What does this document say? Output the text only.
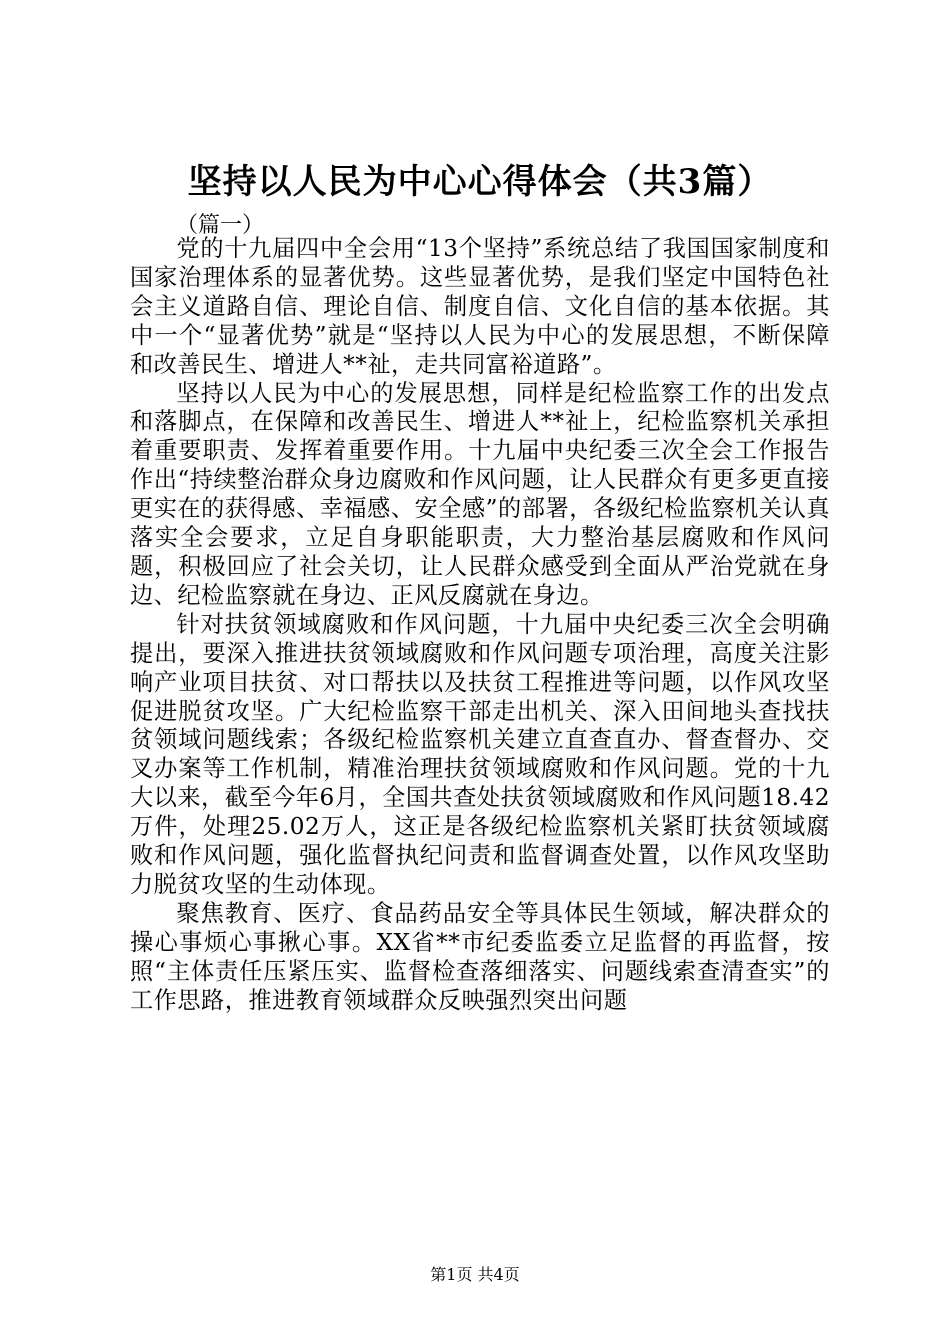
坚持以人民为中心心得体会（共3篇）
（篇一）

党的十九届四中全会用“13个坚持”系统总结了我国国家制度和国家治理体系的显著优势。这些显著优势，是我们坚定中国特色社会主义道路自信、理论自信、制度自信、文化自信的基本依据。其中一个“显著优势”就是“坚持以人民为中心的发展思想，不断保障和改善民生、增进人**祉，走共同富裕道路”。

坚持以人民为中心的发展思想，同样是纪检监察工作的出发点和落脚点，在保障和改善民生、增进人**祉上，纪检监察机关承担着重要职责、发挥着重要作用。十九届中央纪委三次全会工作报告作出“持续整治群众身边腐败和作风问题，让人民群众有更多更直接更实在的获得感、幸福感、安全感”的部署，各级纪检监察机关认真落实全会要求，立足自身职能职责，大力整治基层腐败和作风问题，积极回应了社会关切，让人民群众感受到全面从严治党就在身边、纪检监察就在身边、正风反腐就在身边。

针对扶贫领域腐败和作风问题，十九届中央纪委三次全会明确提出，要深入推进扶贫领域腐败和作风问题专项治理，高度关注影响产业项目扶贫、对口帮扶以及扶贫工程推进等问题，以作风攻坚促进脱贫攻坚。广大纪检监察干部走出机关、深入田间地头查找扶贫领域问题线索；各级纪检监察机关建立直查直办、督查督办、交叉办案等工作机制，精准治理扶贫领域腐败和作风问题。党的十九大以来，截至今年6月，全国共查处扶贫领域腐败和作风问题18.42万件，处理25.02万人，这正是各级纪检监察机关紧盯扶贫领域腐败和作风问题，强化监督执纪问责和监督调查处置，以作风攻坚助力脱贫攻坚的生动体现。

聚焦教育、医疗、食品药品安全等具体民生领域，解决群众的操心事烦心事揪心事。XX省**市纪委监委立足监督的再监督，按照“主体责任压紧压实、监督检查落细落实、问题线索查清查实”的工作思路，推进教育领域群众反映强烈突出问题

第1页 共4页
